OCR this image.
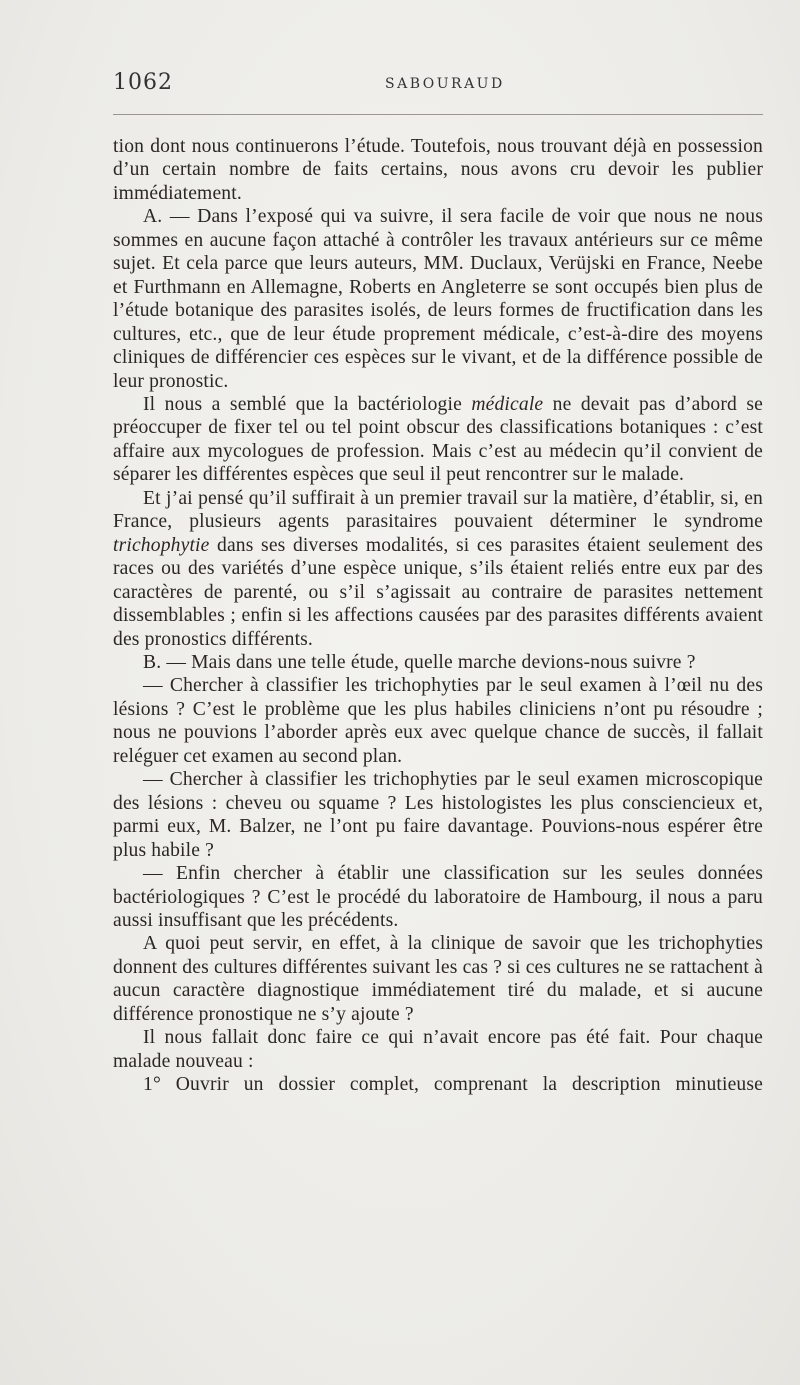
1062	SABOURAUD

tion dont nous continuerons l’étude. Toutefois, nous trouvant déjà en possession d’un certain nombre de faits certains, nous avons cru devoir les publier immédiatement.

A. — Dans l’exposé qui va suivre, il sera facile de voir que nous ne nous sommes en aucune façon attaché à contrôler les travaux antérieurs sur ce même sujet. Et cela parce que leurs auteurs, MM. Duclaux, Verüjski en France, Neebe et Furthmann en Allemagne, Roberts en Angleterre se sont occupés bien plus de l’étude botanique des parasites isolés, de leurs formes de fructification dans les cultures, etc., que de leur étude proprement médicale, c’est-à-dire des moyens cliniques de différencier ces espèces sur le vivant, et de la différence possible de leur pronostic.

Il nous a semblé que la bactériologie médicale ne devait pas d’abord se préoccuper de fixer tel ou tel point obscur des classifications botaniques : c’est affaire aux mycologues de profession. Mais c’est au médecin qu’il convient de séparer les différentes espèces que seul il peut rencontrer sur le malade.

Et j’ai pensé qu’il suffirait à un premier travail sur la matière, d’établir, si, en France, plusieurs agents parasitaires pouvaient déterminer le syndrome trichophytie dans ses diverses modalités, si ces parasites étaient seulement des races ou des variétés d’une espèce unique, s’ils étaient reliés entre eux par des caractères de parenté, ou s’il s’agissait au contraire de parasites nettement dissemblables ; enfin si les affections causées par des parasites différents avaient des pronostics différents.

B. — Mais dans une telle étude, quelle marche devions-nous suivre ?

— Chercher à classifier les trichophyties par le seul examen à l’œil nu des lésions ? C’est le problème que les plus habiles cliniciens n’ont pu résoudre ; nous ne pouvions l’aborder après eux avec quelque chance de succès, il fallait reléguer cet examen au second plan.

— Chercher à classifier les trichophyties par le seul examen microscopique des lésions : cheveu ou squame ? Les histologistes les plus consciencieux et, parmi eux, M. Balzer, ne l’ont pu faire davantage. Pouvions-nous espérer être plus habile ?

— Enfin chercher à établir une classification sur les seules données bactériologiques ? C’est le procédé du laboratoire de Hambourg, il nous a paru aussi insuffisant que les précédents.

A quoi peut servir, en effet, à la clinique de savoir que les trichophyties donnent des cultures différentes suivant les cas ? si ces cultures ne se rattachent à aucun caractère diagnostique immédiatement tiré du malade, et si aucune différence pronostique ne s’y ajoute ?

Il nous fallait donc faire ce qui n’avait encore pas été fait. Pour chaque malade nouveau :

1° Ouvrir un dossier complet, comprenant la description minutieuse
